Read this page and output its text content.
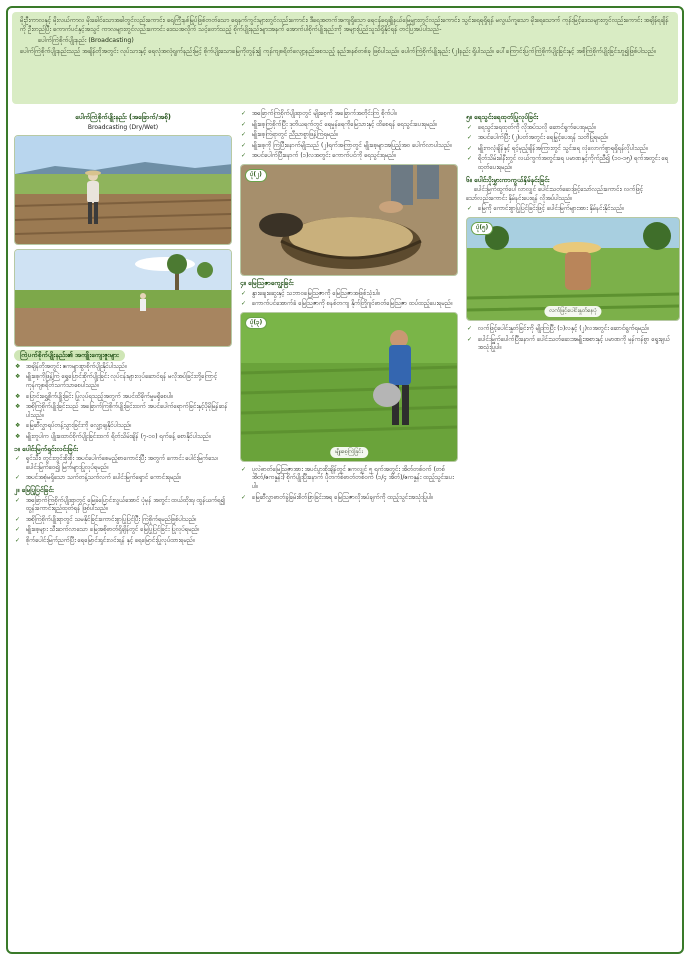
မိုးဦးကာလနှင့် မိုးလယ်ကာလ မိုးခေါင်သောအခါတွင်လည်းကောင်း၊ ရေကြီးနစ်မြုပ်ဖြစ်တတ်သော ရေနက်ကွင်းများတွင်လည်းကောင်း၊ ဒီရေအတက်အကျရှိသော ရေငန်ရေချိုနယ်မြေများတွင်လည်းကောင်း၊ သွင်းရေရရှိရန် မလွယ်ကူသော မိုးရေသောက် ကုန်းမြင့်ဒေသများတွင်လည်းကောင်း အချိန်ရချိန်ကို ဦးတည်ပြီး ကောက်ပင်နှင့်အသွင် ကာလများတွင်လည်းကောင်း ဒေသအလိုက် သင့်တော်သည့် စိုက်ပျိုးနည်းများအနက် အောက်ပါစိုက်ပျိုးနည်းကို အများပြည်သူသိရှိနိုင်ရန် တင်ပြအပ်ပါသည်-

ပေါက်ကြဲစိုက်ပျိုးနည်း (Broadcasting)

ပေါက်ကြဲစိုက်ပျိုးနည်းသည် အချိန်တိုအတွင်း လုပ်သားနှင့် ရေလုံအလုံရျက်နည်းမြင့် စိုက်ပျိုးသောမြေကိုတွန်း၍ ကုန်ကျစရိတ်လျော့နည်းစေသည့် နည်းစနစ်တစ်ခု ဖြစ်ပါသည်။ ပေါက်ကြဲစိုက်ပျိုးနည်း (၂)နည်း ရှိပါသည်။ ပေါ်ကြောင်းပြက်ကြဲစိုက်ပျိုးခြင်းနှင့် အစိုကြဲစိုက်ပျိုးခြင်းဟူ၍ဖြစ်ပါသည်။

ပေါက်ကြဲစိုက်ပျိုးနည်း (အခြောက်/အစို)
Broadcasting (Dry/Wet)
ကြဲပက်စိုက်ပျိုးနည်း၏ အကျိုးကျေးဇူးများ
❖ အချိန်တိုအတွင်း ဧကများစွာစိုက်ပျိုးနိုင်ပါသည်။
❖ မျိုးစေ့ကိုဖြန့်ကြဲ ရွှေပြောင်းစိုက်ပျိုးခြင်း လုပ်ငန်းများလုပ်ဆောင်ရန် မလိုအပ်ခြင်းတို့ကြောင့် ကုန်ကျစရိတ်သက်သာစေပါသည်။
❖ ပြောင်းရွှေ့စိုက်ပျိုးခြင်း ပြုလုပ်ရသည့်အတွက် အပင်ထိခိုက်မှုမရှိစေပါ။
❖ အစိုကြဲစိုက်ပျိုးခြင်းသည် အခြောက်ကြဲစိုက်ပျိုးခြင်းထက် အပင်ပေါက်ရောက်ခြင်းနှင့်ပိုမိုမြန်ဆန်ပါသည်။
❖ မြေဆီလွှာရပ်တန့်သွားခြင်းကို လျှော့ချနိုင်ပါသည်။
❖ မျိုးတူပါက ပျိုးထောင်စိုက်ပျိုးခြင်းထက် ရိတ်သိမ်းချိန် (၇-၁၀) ရက်ခန့် စောနိုင်ပါသည်။
၁။ ပေါင်းမြက်ရှင်းလင်းခြင်း
✓ ရှင်သီး၊ တွင်းတွင်းစိုးစိုး အပင်ပေါက်စေမည့်စာကောင်းပြီး အတွက် ကောင်း ပေါင်းမြက်သေ၊ ပေါင်းမြက်ဝေ၍ မြက်များပြုလုပ်ရမည်။
✓ အပင်အစုံမရှိသော သက်တန့်သက်လက် ပေါင်းမြက်ရှောင် ကောင်းရမည်။
၂။ မြေပြုပြင်ခြင်း
✓ အခြောက်ကြဲစိုက်ပျိုးရာတွင် မြေခဲပြောင်းလွယ်အောင် ပုံမှန် အတွင်း ထယ်ထိုးရ၊ ထွန်ယက်ရ၍ ထွန်းကောင်းရည်ထုတ်ရန် ဖြစ်ပါသည်။
✓ အစိုကြဲစိုက်ပျိုးရာတွင် သမနိုင်ခြင်းကောင်းစွာပြုပြင်ပြီး ကြဲစိုက်ရမည်ဖြစ်ပါသည်။
✓ မျိုးစေ့များ သီးဆက်လာသော မြေအစိုဓာတ်ရှိချိန်တွင် မြေပြုပြင်ခြင်း ပြုလုပ်ရမည်။
✓ စိုက်ပေါင်းမြက်ညက်ပြီး ရေမြောင်းရှင်းလင်းရန် နှင့် ရေမြောင်းပြုလုပ်ထားရမည်။
✓ အခြောက်ကြဲစိုက်ပျိုးရာတွင် မျိုးစေ့ကို အခြောက်အတိုင်းကြဲ စိုက်ပါ။
✓ မျိုးစေ့ကြဲစိုက်ပြီး ဒုတိယရက်တွင် ရေမှုန်ရေကိုမြေသားနှင့် ထိစေရန် ရေသွင်းပေးရမည်။
✓ မျိုးစေ့ကြဲရာတွင် ညီညာစွာဖြန့်ကြဲရမည်။
✓ မျိုးစေ့ကို ကြဲပြီးနောက်မျိုးသည် (၂)ရက်အကြာတွင် မျိုးစေ့များအပြည့်အဝ ပေါက်လာပါသည်။
✓ အပင်ပေါက်ပြီးနောက် (၁)လအတွင်း ကောက်ပင်ကို ရေသွင်းရမည်။
ပုံ(၂)
၄။ မြေဩဇာကျွေးခြင်း
✓ နွားချေးဆွေးနှင့် သဘာဝမြေဩဇာကို မြေဩဇာအဖြစ်သုံးပါ။
✓ ကောက်ပင်အောက်ခံ မြေဩဇာကို စနစ်တကျ နိုက်တြိုဂျင်ဓာတ်မြေဩဇာ ထပ်ထည့်ပေးရမည်။
ပုံ(၃)
မျိုးစေ့ကြဲခြင်း
✓ ပုလဲဓာတ်မြေဩဇာအား အပင်ပွားစိုးချိန်တွင် ဧကလျှင် ၅ ရက်အတွင်း အိတ်တစ်ဝက် (တစ်အိတ်/ဧကနှုန်း) စိုက်ပျိုးပြီးနောက် ပိုတက်စ်ဓာတ်တစ်ဝက် (၁/၄ အိတ်)/ဧကနှုန်း ထည့်သွင်းပေးပါ။
✓ မြေဆီလွှာဓာတ်ခွဲခြမ်းစိတ်ဖြာခြင်းအရ မြေဩဇာလိုအပ်ချက်ကို ထည့်သွင်းအသုံးပြုပါ။
၅။ ရေသွင်းရေထုတ်ပြုလုပ်ခြင်း
✓ ရေသွင်းရေထုတ်ကို လိုအပ်သလို ဆောင်ရွက်ပေးရမည်။
✓ အပင်ပေါက်ပြီး (၂)ပတ်အတွင်း ရေမြှင့်ပေးရန် သတိပြုရမည်။
✓ မျိုးကလံ့ချိန်နှင့် ရင့်မှည့်ချိန်အကြားတွင် သွင်းရေ လုံလောက်စွာရရှိရန်လိုပါသည်။
✓ ရိတ်သိမ်းခါနီးတွင် လယ်ကွက်အတွင်းရေ ပမာဏနှင့်ကိုက်ညီ၍ (၁၀-၁၅) ရက်အတွင်း ရေထုတ်ပေးရမည်။
၆။ ပေါင်းပိုးမွှားကာကွယ်နှိမ်နင်းခြင်း

ပေါင်းမြက်ထွက်ပေါ်လာလျှင် ပေါင်းသတ်ဆေးဖြင့်သော်လည်းကောင်း၊ လက်ဖြင့်သော်လည်းကောင်း နှိမ်နင်းပေးရန် လိုအပ်ပါသည်။

✓ မြေကို ကောင်းစွာပြုပြင်ခြင်းဖြင့် ပေါင်းမြက်များအား နှိမ်နင်းနိုင်သည်။
ပုံ(၅)
လက်ဖြင့်ပေါင်းနှုတ်နေပုံ
✓ လက်ဖြင့်ပေါင်းနှုတ်ခြင်းကို မျိုးကြဲပြီး (၁)လနှင့် (၂)လအတွင်း ဆောင်ရွက်ရမည်။
✓ ပေါင်းမြက်ပေါက်ပြီးနောက် ပေါင်းသတ်ဆေးအမျိုးအစားနှင့် ပမာဏကို မှန်ကန်စွာ ရွေးချယ်အသုံးပြုပါ။
